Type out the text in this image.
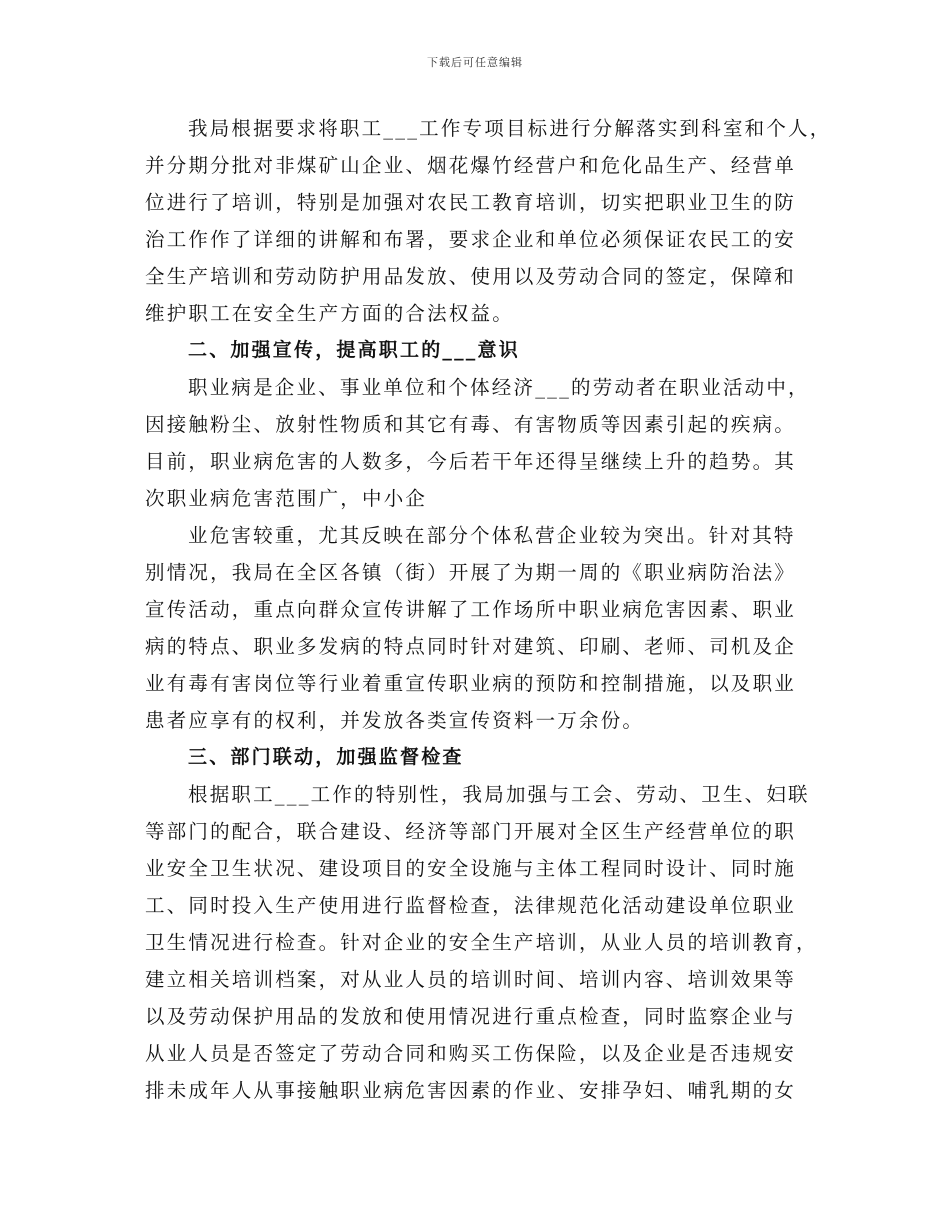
下载后可任意编辑
我局根据要求将职工___工作专项目标进行分解落实到科室和个人，
并分期分批对非煤矿山企业、烟花爆竹经营户和危化品生产、经营单
位进行了培训，特别是加强对农民工教育培训，切实把职业卫生的防
治工作作了详细的讲解和布署，要求企业和单位必须保证农民工的安
全生产培训和劳动防护用品发放、使用以及劳动合同的签定，保障和
维护职工在安全生产方面的合法权益。
二、加强宣传，提高职工的___意识
职业病是企业、事业单位和个体经济___的劳动者在职业活动中，
因接触粉尘、放射性物质和其它有毒、有害物质等因素引起的疾病。
目前，职业病危害的人数多，今后若干年还得呈继续上升的趋势。其
次职业病危害范围广，中小企
业危害较重，尤其反映在部分个体私营企业较为突出。针对其特
别情况，我局在全区各镇（街）开展了为期一周的《职业病防治法》
宣传活动，重点向群众宣传讲解了工作场所中职业病危害因素、职业
病的特点、职业多发病的特点同时针对建筑、印刷、老师、司机及企
业有毒有害岗位等行业着重宣传职业病的预防和控制措施，以及职业
患者应享有的权利，并发放各类宣传资料一万余份。
三、部门联动，加强监督检查
根据职工___工作的特别性，我局加强与工会、劳动、卫生、妇联
等部门的配合，联合建设、经济等部门开展对全区生产经营单位的职
业安全卫生状况、建设项目的安全设施与主体工程同时设计、同时施
工、同时投入生产使用进行监督检查，法律规范化活动建设单位职业
卫生情况进行检查。针对企业的安全生产培训，从业人员的培训教育，
建立相关培训档案，对从业人员的培训时间、培训内容、培训效果等
以及劳动保护用品的发放和使用情况进行重点检查，同时监察企业与
从业人员是否签定了劳动合同和购买工伤保险，以及企业是否违规安
排未成年人从事接触职业病危害因素的作业、安排孕妇、哺乳期的女
